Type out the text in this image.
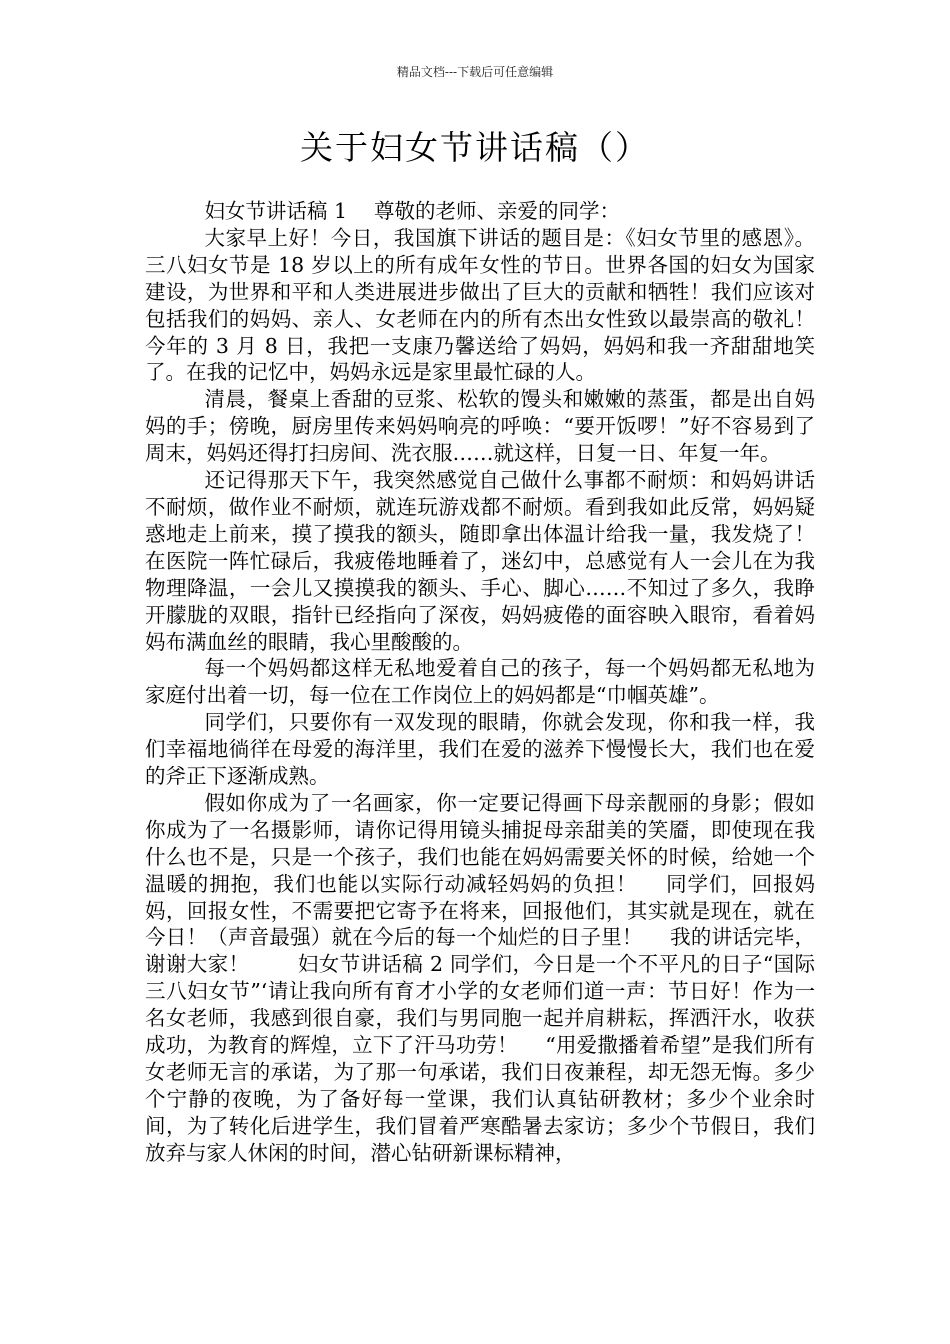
精品文档---下载后可任意编辑
关于妇女节讲话稿（）

妇女节讲话稿 1　 尊敬的老师、亲爱的同学：

大家早上好！今日，我国旗下讲话的题目是：《妇女节里的感恩》。三八妇女节是 18 岁以上的所有成年女性的节日。世界各国的妇女为国家建设，为世界和平和人类进展进步做出了巨大的贡献和牺牲！我们应该对包括我们的妈妈、亲人、女老师在内的所有杰出女性致以最崇高的敬礼！　 今年的 3 月 8 日，我把一支康乃馨送给了妈妈，妈妈和我一齐甜甜地笑了。在我的记忆中，妈妈永远是家里最忙碌的人。

清晨，餐桌上香甜的豆浆、松软的馒头和嫩嫩的蒸蛋，都是出自妈妈的手；傍晚，厨房里传来妈妈响亮的呼唤：“要开饭啰！”好不容易到了周末，妈妈还得打扫房间、洗衣服……就这样，日复一日、年复一年。

还记得那天下午，我突然感觉自己做什么事都不耐烦：和妈妈讲话不耐烦，做作业不耐烦，就连玩游戏都不耐烦。看到我如此反常，妈妈疑惑地走上前来，摸了摸我的额头，随即拿出体温计给我一量，我发烧了！在医院一阵忙碌后，我疲倦地睡着了，迷幻中，总感觉有人一会儿在为我物理降温，一会儿又摸摸我的额头、手心、脚心……不知过了多久，我睁开朦胧的双眼，指针已经指向了深夜，妈妈疲倦的面容映入眼帘，看着妈妈布满血丝的眼睛，我心里酸酸的。

每一个妈妈都这样无私地爱着自己的孩子，每一个妈妈都无私地为家庭付出着一切，每一位在工作岗位上的妈妈都是“巾帼英雄”。

同学们，只要你有一双发现的眼睛，你就会发现，你和我一样，我们幸福地徜徉在母爱的海洋里，我们在爱的滋养下慢慢长大，我们也在爱的斧正下逐渐成熟。

假如你成为了一名画家，你一定要记得画下母亲靓丽的身影；假如你成为了一名摄影师，请你记得用镜头捕捉母亲甜美的笑靥，即使现在我什么也不是，只是一个孩子，我们也能在妈妈需要关怀的时候，给她一个温暖的拥抱，我们也能以实际行动减轻妈妈的负担！　 同学们，回报妈妈，回报女性，不需要把它寄予在将来，回报他们，其实就是现在，就在今日！（声音最强）就在今后的每一个灿烂的日子里！　 我的讲话完毕，谢谢大家！　　 妇女节讲话稿 2 同学们，今日是一个不平凡的日子“国际三八妇女节”‘请让我向所有育才小学的女老师们道一声：节日好！作为一名女老师，我感到很自豪，我们与男同胞一起并肩耕耘，挥洒汗水，收获成功，为教育的辉煌，立下了汗马功劳！　 “用爱撒播着希望”是我们所有女老师无言的承诺，为了那一句承诺，我们日夜兼程，却无怨无悔。多少个宁静的夜晚，为了备好每一堂课，我们认真钻研教材；多少个业余时间，为了转化后进学生，我们冒着严寒酷暑去家访；多少个节假日，我们放弃与家人休闲的时间，潜心钻研新课标精神，
